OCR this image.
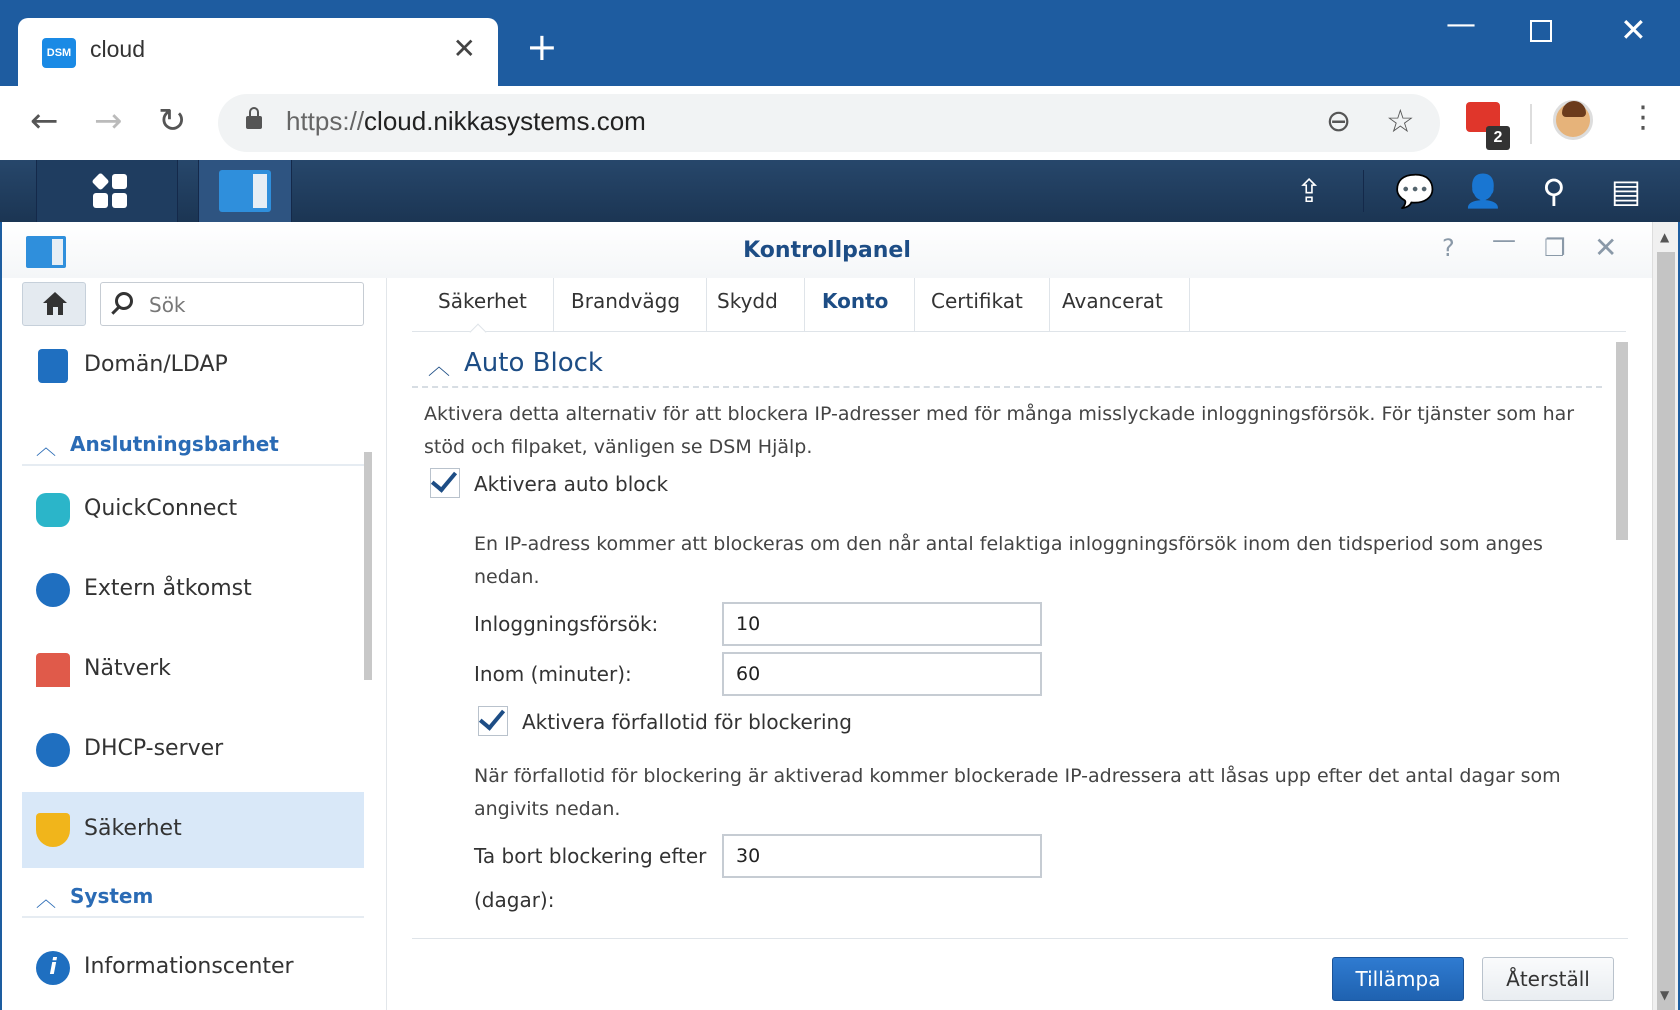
DSM cloud	✕ +
—	✕
← → ↻	https://cloud.nikkasystems.com	⊖ ☆	2
⋮
⇪ 💬 👤 ⚲ ▤
Kontrollpanel	? — ❐ ✕
Sök
Domän/LDAP
︿ Anslutningsbarhet
QuickConnect
Extern åtkomst
Nätverk
DHCP-server
Säkerhet
︿ System
i	Informationscenter
Säkerhet	Brandvägg	Skydd	Konto	Certifikat	Avancerat
︿ Auto Block
Aktivera detta alternativ för att blockera IP-adresser med för många misslyckade inloggningsförsök. För tjänster som har stöd och filpaket, vänligen se DSM Hjälp.
Aktivera auto block
En IP-adress kommer att blockeras om den når antal felaktiga inloggningsförsök inom den tidsperiod som anges nedan.
Inloggningsförsök:
10
Inom (minuter):
60
Aktivera förfallotid för blockering
När förfallotid för blockering är aktiverad kommer blockerade IP-adressera att låsas upp efter det antal dagar som angivits nedan.
Ta bort blockering efter
(dagar):
30
Tillämpa	Återställ
▲
▼
